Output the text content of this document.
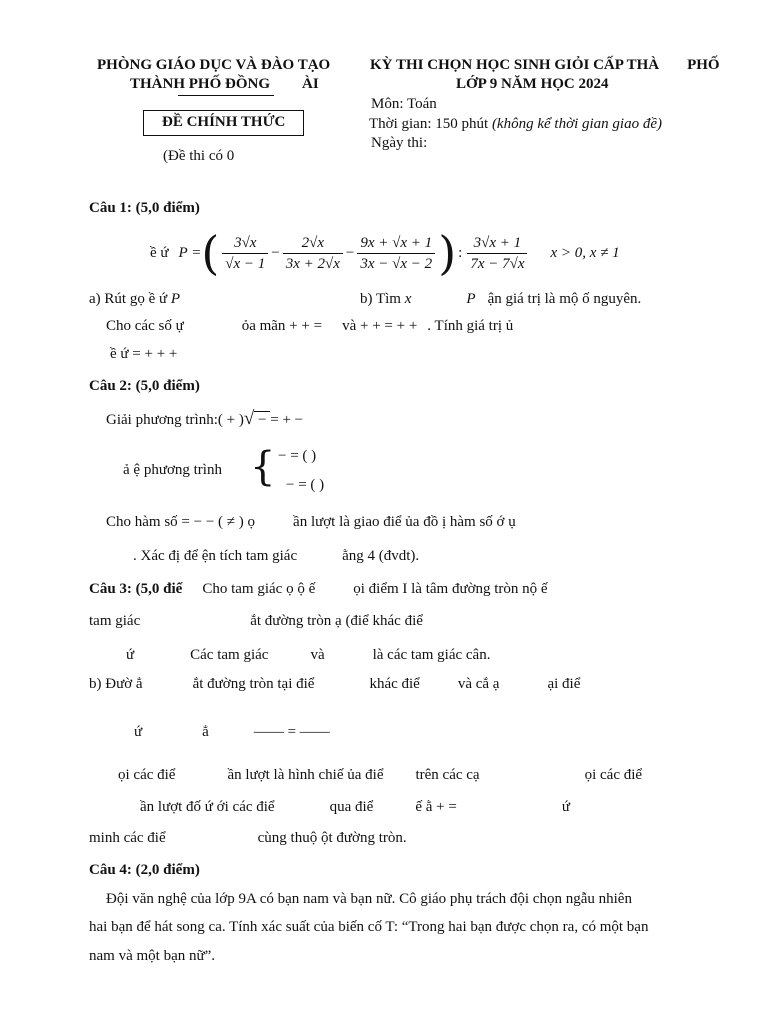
PHÒNG GIÁO DỤC VÀ ĐÀO TẠO
THÀNH PHỐ ĐỒNG ÀI
KỲ THI CHỌN HỌC SINH GIỎI CẤP THÀ PHỐ
LỚP 9 NĂM HỌC 2024
Môn: Toán
Thời gian: 150 phút (không kể thời gian giao đề)
Ngày thi:
ĐỀ CHÍNH THỨC
(Đề thi có 0
Câu 1: (5,0 điểm)
ề ứ P = ( $\frac{3√x}{√x - 1} - \frac{2√x}{3x + 2√x} - \frac{9x + √x + 1}{3x - √x - 2}$ ) : $\frac{3√x + 1}{7x - 7√x}$ x > 0, x ≠ 1
a) Rút gọ ề ứ P	b) Tìm x	P ận giá trị là mộ ố nguyên.
Cho các số ự	ỏa mãn + + = và + + = + + . Tính giá trị ủ
ề ứ = + + +
Câu 2: (5,0 điểm)
Giải phương trình:( + )√ − = + −
ả ệ phương trình { − = ( )
− = ( )
Cho hàm số = − − ( ≠ ) ọ	ần lượt là giao điể ủa đồ ị hàm số ớ ụ
. Xác đị để ện tích tam giác	ằng 4 (đvdt).
Câu 3: (5,0 điể Cho tam giác ọ ộ ế	ọi điểm I là tâm đường tròn nộ ế
tam giác	ắt đường tròn ạ (điể khác điể
ứ	Các tam giác	và	là các tam giác cân.
b) Đườ ẳ	ắt đường tròn tại điể	khác điể	và cắ ạ	ại điể
ứ	ẳ	—— = ——
ọi các điể	ần lượt là hình chiế ủa điể trên các cạ	ọi các điể
ần lượt đố ứ ới các điể	qua điể	ế ằ + =	ứ
minh các điể	cùng thuộ ột đường tròn.
Câu 4: (2,0 điểm)
Đội văn nghệ của lớp 9A có bạn nam và bạn nữ. Cô giáo phụ trách đội chọn ngẫu nhiên
hai bạn để hát song ca. Tính xác suất của biến cố T: “Trong hai bạn được chọn ra, có một bạn
nam và một bạn nữ”.
